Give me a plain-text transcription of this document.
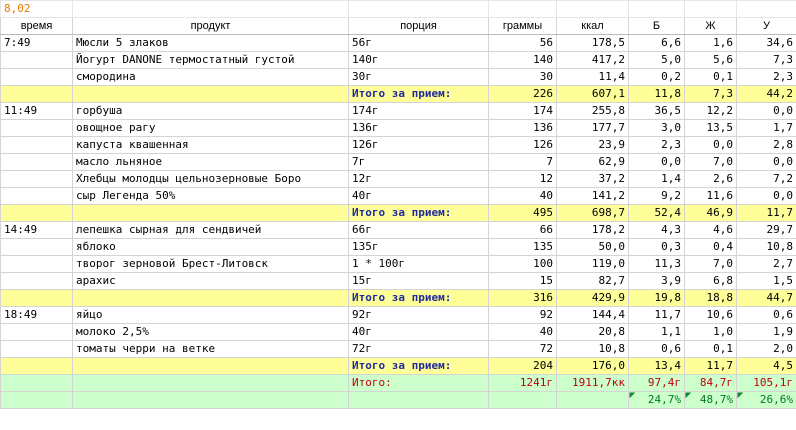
8,02							
время	продукт	порция	граммы	ккал	Б	Ж	У
7:49	Мюсли 5 злаков	56г	56	178,5	6,6	1,6	34,6
	Йогурт DANONE термостатный густой	140г	140	417,2	5,0	5,6	7,3
	смородина	30г	30	11,4	0,2	0,1	2,3
		Итого за прием:	226	607,1	11,8	7,3	44,2
11:49	горбуша	174г	174	255,8	36,5	12,2	0,0
	овощное рагу	136г	136	177,7	3,0	13,5	1,7
	капуста квашенная	126г	126	23,9	2,3	0,0	2,8
	масло льняное	7г	7	62,9	0,0	7,0	0,0
	Хлебцы молодцы цельнозерновые Боро	12г	12	37,2	1,4	2,6	7,2
	сыр Легенда 50%	40г	40	141,2	9,2	11,6	0,0
		Итого за прием:	495	698,7	52,4	46,9	11,7
14:49	лепешка сырная для сендвичей	66г	66	178,2	4,3	4,6	29,7
	яблоко	135г	135	50,0	0,3	0,4	10,8
	творог зерновой Брест-Литовск	1 * 100г	100	119,0	11,3	7,0	2,7
	арахис	15г	15	82,7	3,9	6,8	1,5
		Итого за прием:	316	429,9	19,8	18,8	44,7
18:49	яйцо	92г	92	144,4	11,7	10,6	0,6
	молоко 2,5%	40г	40	20,8	1,1	1,0	1,9
	томаты черри на ветке	72г	72	10,8	0,6	0,1	2,0
		Итого за прием:	204	176,0	13,4	11,7	4,5
		Итого:	1241г	1911,7кк	97,4г	84,7г	105,1г
					24,7%	48,7%	26,6%
